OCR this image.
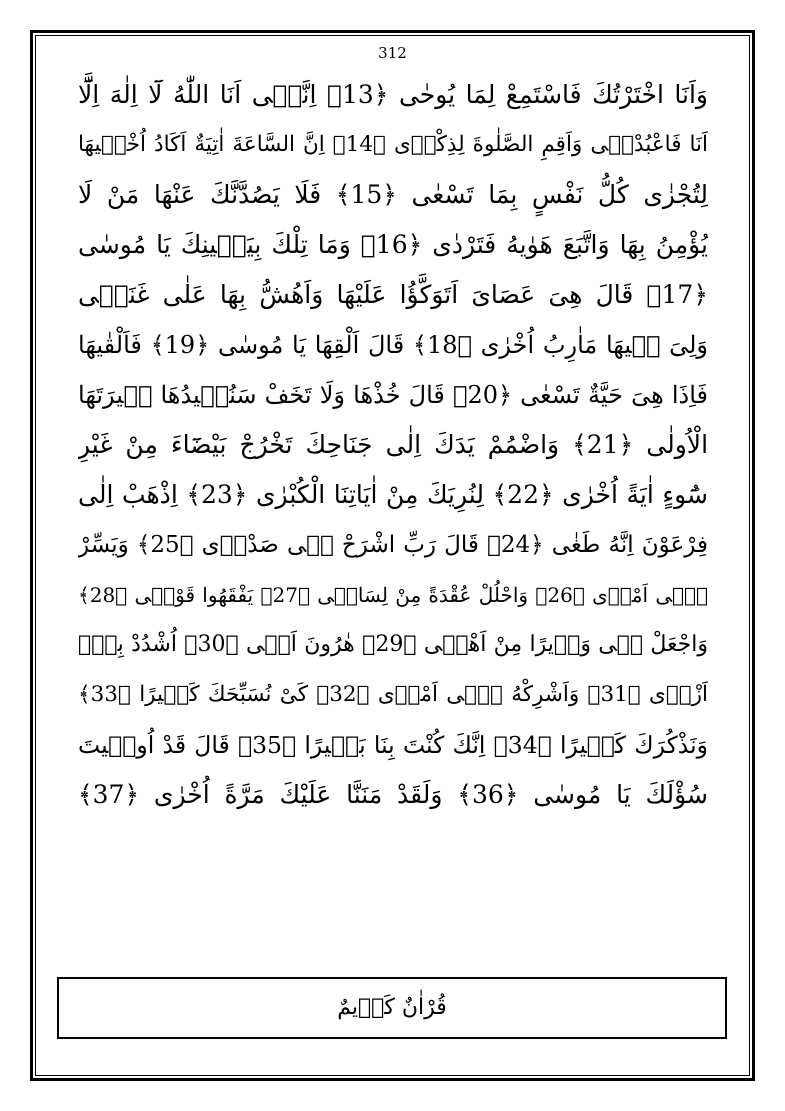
312
وَاَنَا اخْتَرْتُكَ فَاسْتَمِعْ لِمَا يُوحٰى ﴿13﴾ اِنَّنٖى اَنَا اللّٰهُ لَٓا اِلٰهَ اِلَّٓا
اَنَا فَاعْبُدْنٖى وَاَقِمِ الصَّلٰوةَ لِذِكْرٖى ﴿14﴾ اِنَّ السَّاعَةَ اٰتِيَةٌ اَكَادُ اُخْفٖيهَا
لِتُجْزٰى كُلُّ نَفْسٍ بِمَا تَسْعٰى ﴿15﴾ فَلَا يَصُدَّنَّكَ عَنْهَا مَنْ لَا
يُؤْمِنُ بِهَا وَاتَّبَعَ هَوٰيهُ فَتَرْدٰى ﴿16﴾ وَمَا تِلْكَ بِيَمٖينِكَ يَا مُوسٰى
﴿17﴾ قَالَ هِىَ عَصَاىَ اَتَوَكَّؤُا عَلَيْهَا وَاَهُشُّ بِهَا عَلٰى غَنَمٖى
وَلِىَ فٖيهَا مَاٰرِبُ اُخْرٰى ﴿18﴾ قَالَ اَلْقِهَا يَا مُوسٰى ﴿19﴾ فَاَلْقٰيهَا
فَاِذَا هِىَ حَيَّةٌ تَسْعٰى ﴿20﴾ قَالَ خُذْهَا وَلَا تَخَفْ سَنُعٖيدُهَا سٖيرَتَهَا
الْاُولٰى ﴿21﴾ وَاضْمُمْ يَدَكَ اِلٰى جَنَاحِكَ تَخْرُجْ بَيْضَٓاءَ مِنْ غَيْرِ
سُٓوءٍ اٰيَةً اُخْرٰى ﴿22﴾ لِنُرِيَكَ مِنْ اٰيَاتِنَا الْكُبْرٰى ﴿23﴾ اِذْهَبْ اِلٰى
فِرْعَوْنَ اِنَّهُ طَغٰى ﴿24﴾ قَالَ رَبِّ اشْرَحْ لٖى صَدْرٖى ﴿25﴾ وَيَسِّرْ
لٖٓى اَمْرٖى ﴿26﴾ وَاحْلُلْ عُقْدَةً مِنْ لِسَانٖى ﴿27﴾ يَفْقَهُوا قَوْلٖى ﴿28﴾
وَاجْعَلْ لٖى وَزٖيرًا مِنْ اَهْلٖى ﴿29﴾ هٰرُونَ اَخٖى ﴿30﴾ اُشْدُدْ بِهٖٓ
اَزْرٖى ﴿31﴾ وَاَشْرِكْهُ فٖٓى اَمْرٖى ﴿32﴾ كَىْ نُسَبِّحَكَ كَثٖيرًا ﴿33﴾
وَنَذْكُرَكَ كَثٖيرًا ﴿34﴾ اِنَّكَ كُنْتَ بِنَا بَصٖيرًا ﴿35﴾ قَالَ قَدْ اُوتٖيتَ
سُؤْلَكَ يَا مُوسٰى ﴿36﴾ وَلَقَدْ مَنَنَّا عَلَيْكَ مَرَّةً اُخْرٰى ﴿37﴾
قُرْاٰنٌ كَرٖيمٌ
